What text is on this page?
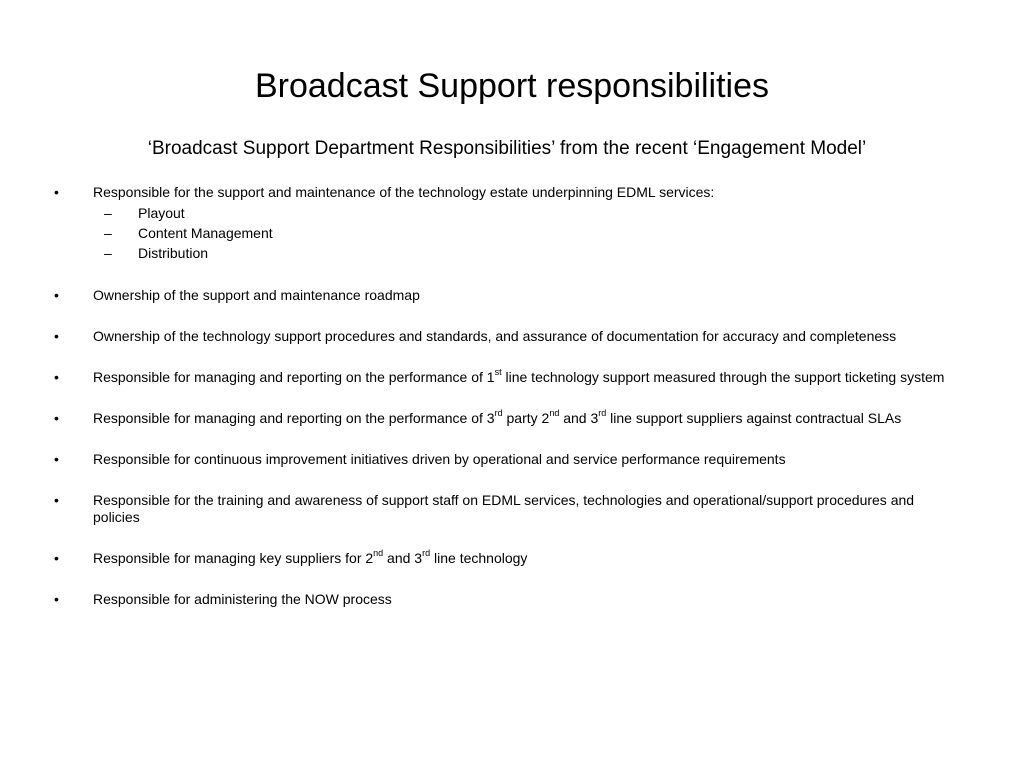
Broadcast Support responsibilities

‘Broadcast Support Department Responsibilities’ from the recent ‘Engagement Model’

•	Responsible for the support and maintenance of the technology estate underpinning EDML services:
– Playout
– Content Management
– Distribution
•	Ownership of the support and maintenance roadmap
•	Ownership of the technology support procedures and standards, and assurance of documentation for accuracy and completeness
•	Responsible for managing and reporting on the performance of 1st line technology support measured through the support ticketing system
•	Responsible for managing and reporting on the performance of 3rd party 2nd and 3rd line support suppliers against contractual SLAs
•	Responsible for continuous improvement initiatives driven by operational and service performance requirements
•	Responsible for the training and awareness of support staff on EDML services, technologies and operational/support procedures and policies
•	Responsible for managing key suppliers for 2nd and 3rd line technology
•	Responsible for administering the NOW process
